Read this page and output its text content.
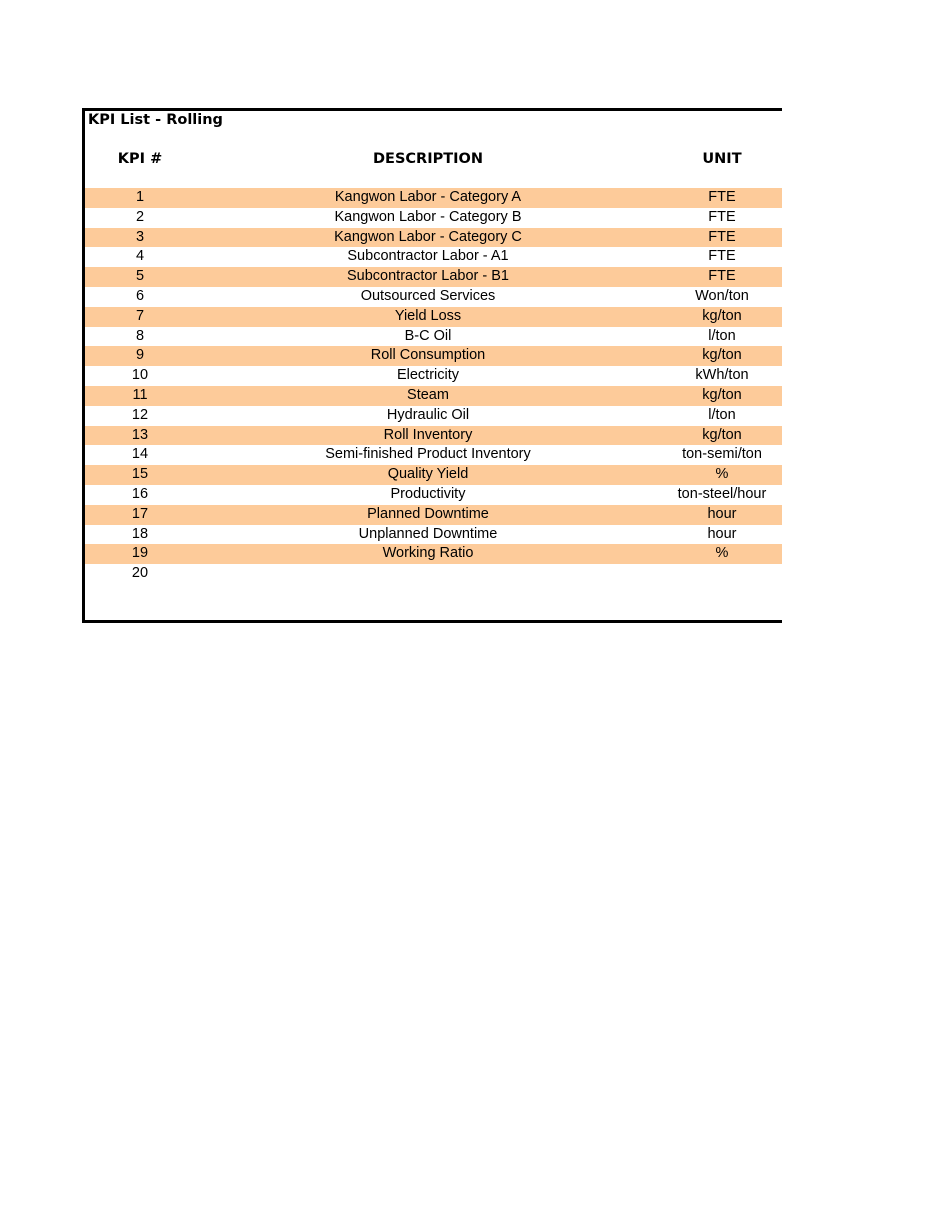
KPI List - Rolling
KPI #	DESCRIPTION	UNIT
1	Kangwon Labor - Category A	FTE
2	Kangwon Labor - Category B	FTE
3	Kangwon Labor - Category C	FTE
4	Subcontractor Labor - A1	FTE
5	Subcontractor Labor - B1	FTE
6	Outsourced Services	Won/ton
7	Yield Loss	kg/ton
8	B-C Oil	l/ton
9	Roll Consumption	kg/ton
10	Electricity	kWh/ton
11	Steam	kg/ton
12	Hydraulic Oil	l/ton
13	Roll Inventory	kg/ton
14	Semi-finished Product Inventory	ton-semi/ton
15	Quality Yield	%
16	Productivity	ton-steel/hour
17	Planned Downtime	hour
18	Unplanned Downtime	hour
19	Working Ratio	%
20
